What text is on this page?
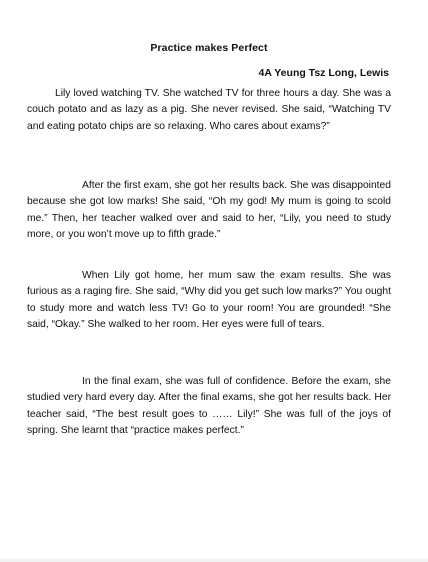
Practice makes Perfect
4A Yeung Tsz Long, Lewis

Lily loved watching TV. She watched TV for three hours a day. She was a couch potato and as lazy as a pig. She never revised. She said, “Watching TV and eating potato chips are so relaxing. Who cares about exams?”

After the first exam, she got her results back. She was disappointed because she got low marks! She said, “Oh my god! My mum is going to scold me.” Then, her teacher walked over and said to her, “Lily, you need to study more, or you won’t move up to fifth grade.”

When Lily got home, her mum saw the exam results. She was furious as a raging fire. She said, “Why did you get such low marks?” You ought to study more and watch less TV! Go to your room! You are grounded! “She said, “Okay.” She walked to her room. Her eyes were full of tears.

In the final exam, she was full of confidence. Before the exam, she studied very hard every day. After the final exams, she got her results back. Her teacher said, “The best result goes to …… Lily!” She was full of the joys of spring. She learnt that “practice makes perfect.”
